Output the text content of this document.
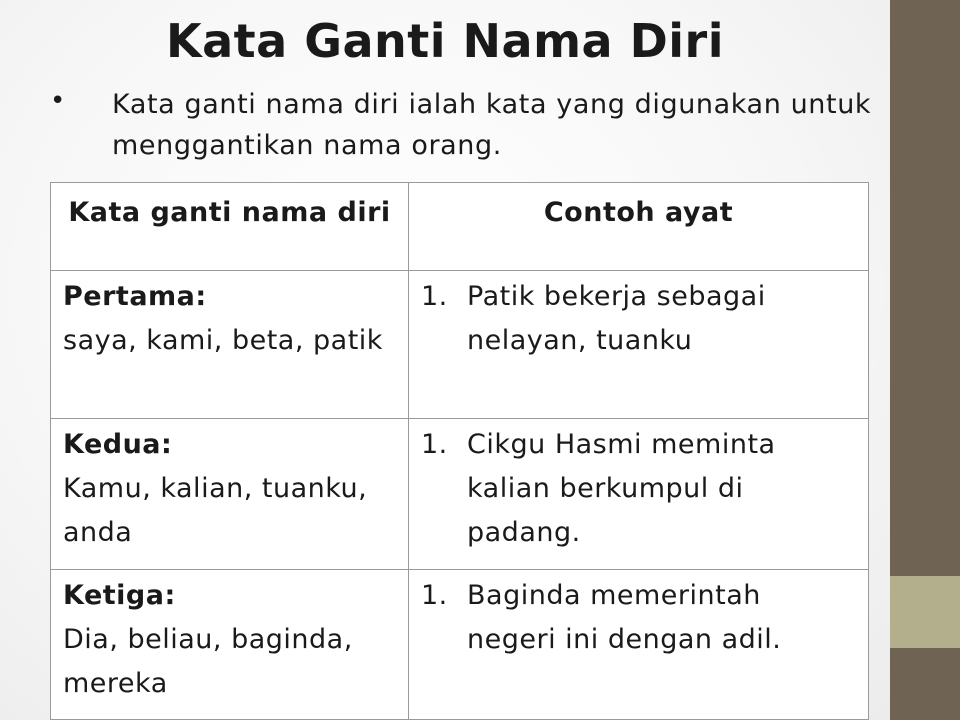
Kata Ganti Nama Diri
• Kata ganti nama diri ialah kata yang digunakan untuk menggantikan nama orang.
Kata ganti nama diri	Contoh ayat

Pertama:
saya, kami, beta, patik	1. Patik bekerja sebagai nelayan, tuanku

Kedua:
Kamu, kalian, tuanku, anda	1. Cikgu Hasmi meminta kalian berkumpul di padang.

Ketiga:
Dia, beliau, baginda, mereka	1. Baginda memerintah negeri ini dengan adil.
